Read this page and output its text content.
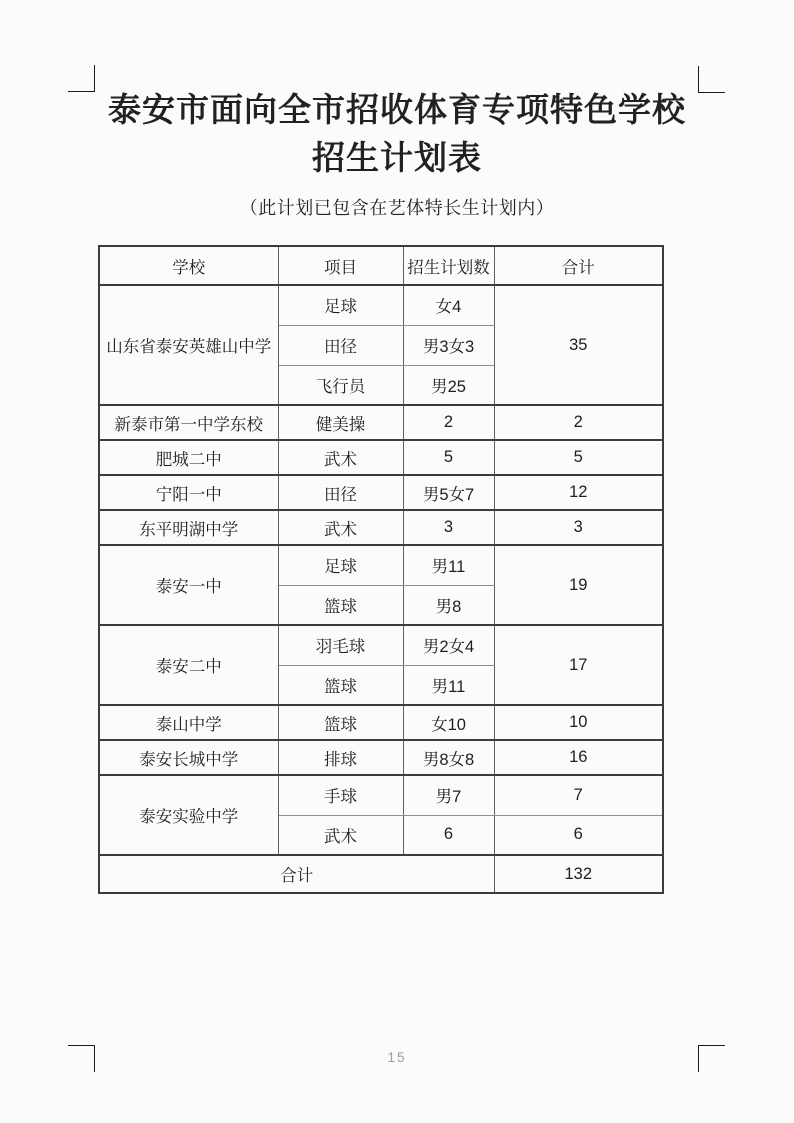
泰安市面向全市招收体育专项特色学校
招生计划表
（此计划已包含在艺体特长生计划内）
学校	项目	招生计划数	合计
山东省泰安英雄山中学	足球	女4	35
	田径	男3女3	
	飞行员	男25	
新泰市第一中学东校	健美操	2	2
肥城二中	武术	5	5
宁阳一中	田径	男5女7	12
东平明湖中学	武术	3	3
泰安一中	足球	男11	19
	篮球	男8	
泰安二中	羽毛球	男2女4	17
	篮球	男11	
泰山中学	篮球	女10	10
泰安长城中学	排球	男8女8	16
泰安实验中学	手球	男7	7
	武术	6	6
合计			132
15
